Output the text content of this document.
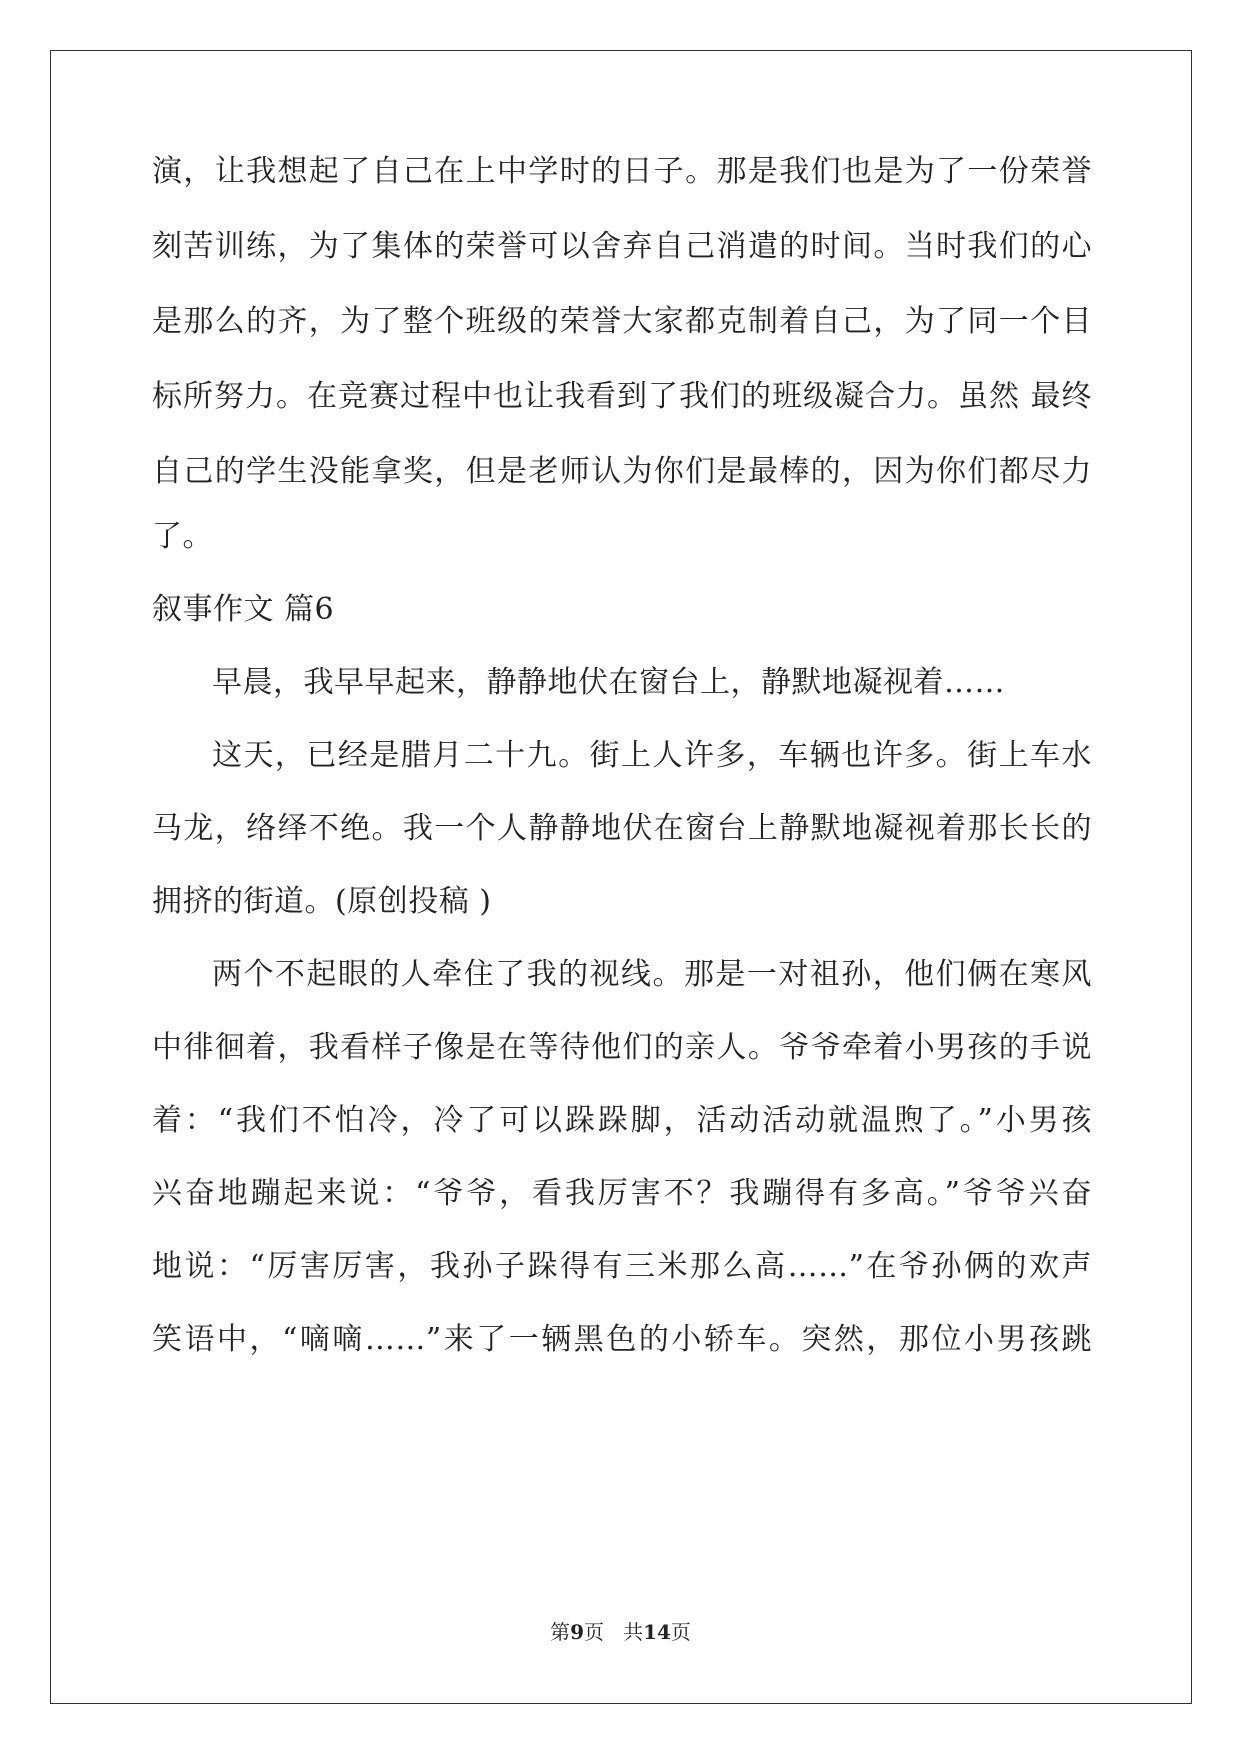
演，让我想起了自己在上中学时的日子。那是我们也是为了一份荣誉
刻苦训练，为了集体的荣誉可以舍弃自己消遣的时间。当时我们的心
是那么的齐，为了整个班级的荣誉大家都克制着自己，为了同一个目
标所努力。在竞赛过程中也让我看到了我们的班级凝合力。虽然 最终
自己的学生没能拿奖，但是老师认为你们是最棒的，因为你们都尽力
了。
叙事作文 篇6
早晨，我早早起来，静静地伏在窗台上，静默地凝视着……
这天，已经是腊月二十九。街上人许多，车辆也许多。街上车水
马龙，络绎不绝。我一个人静静地伏在窗台上静默地凝视着那长长的
拥挤的街道。(原创投稿 )
两个不起眼的人牵住了我的视线。那是一对祖孙，他们俩在寒风
中徘徊着，我看样子像是在等待他们的亲人。爷爷牵着小男孩的手说
着：“我们不怕冷，冷了可以跺跺脚，活动活动就温煦了。”小男孩
兴奋地蹦起来说：“爷爷，看我厉害不？我蹦得有多高。”爷爷兴奋
地说：“厉害厉害，我孙子跺得有三米那么高……”在爷孙俩的欢声
笑语中，“嘀嘀……”来了一辆黑色的小轿车。突然，那位小男孩跳
第9页   共14页
